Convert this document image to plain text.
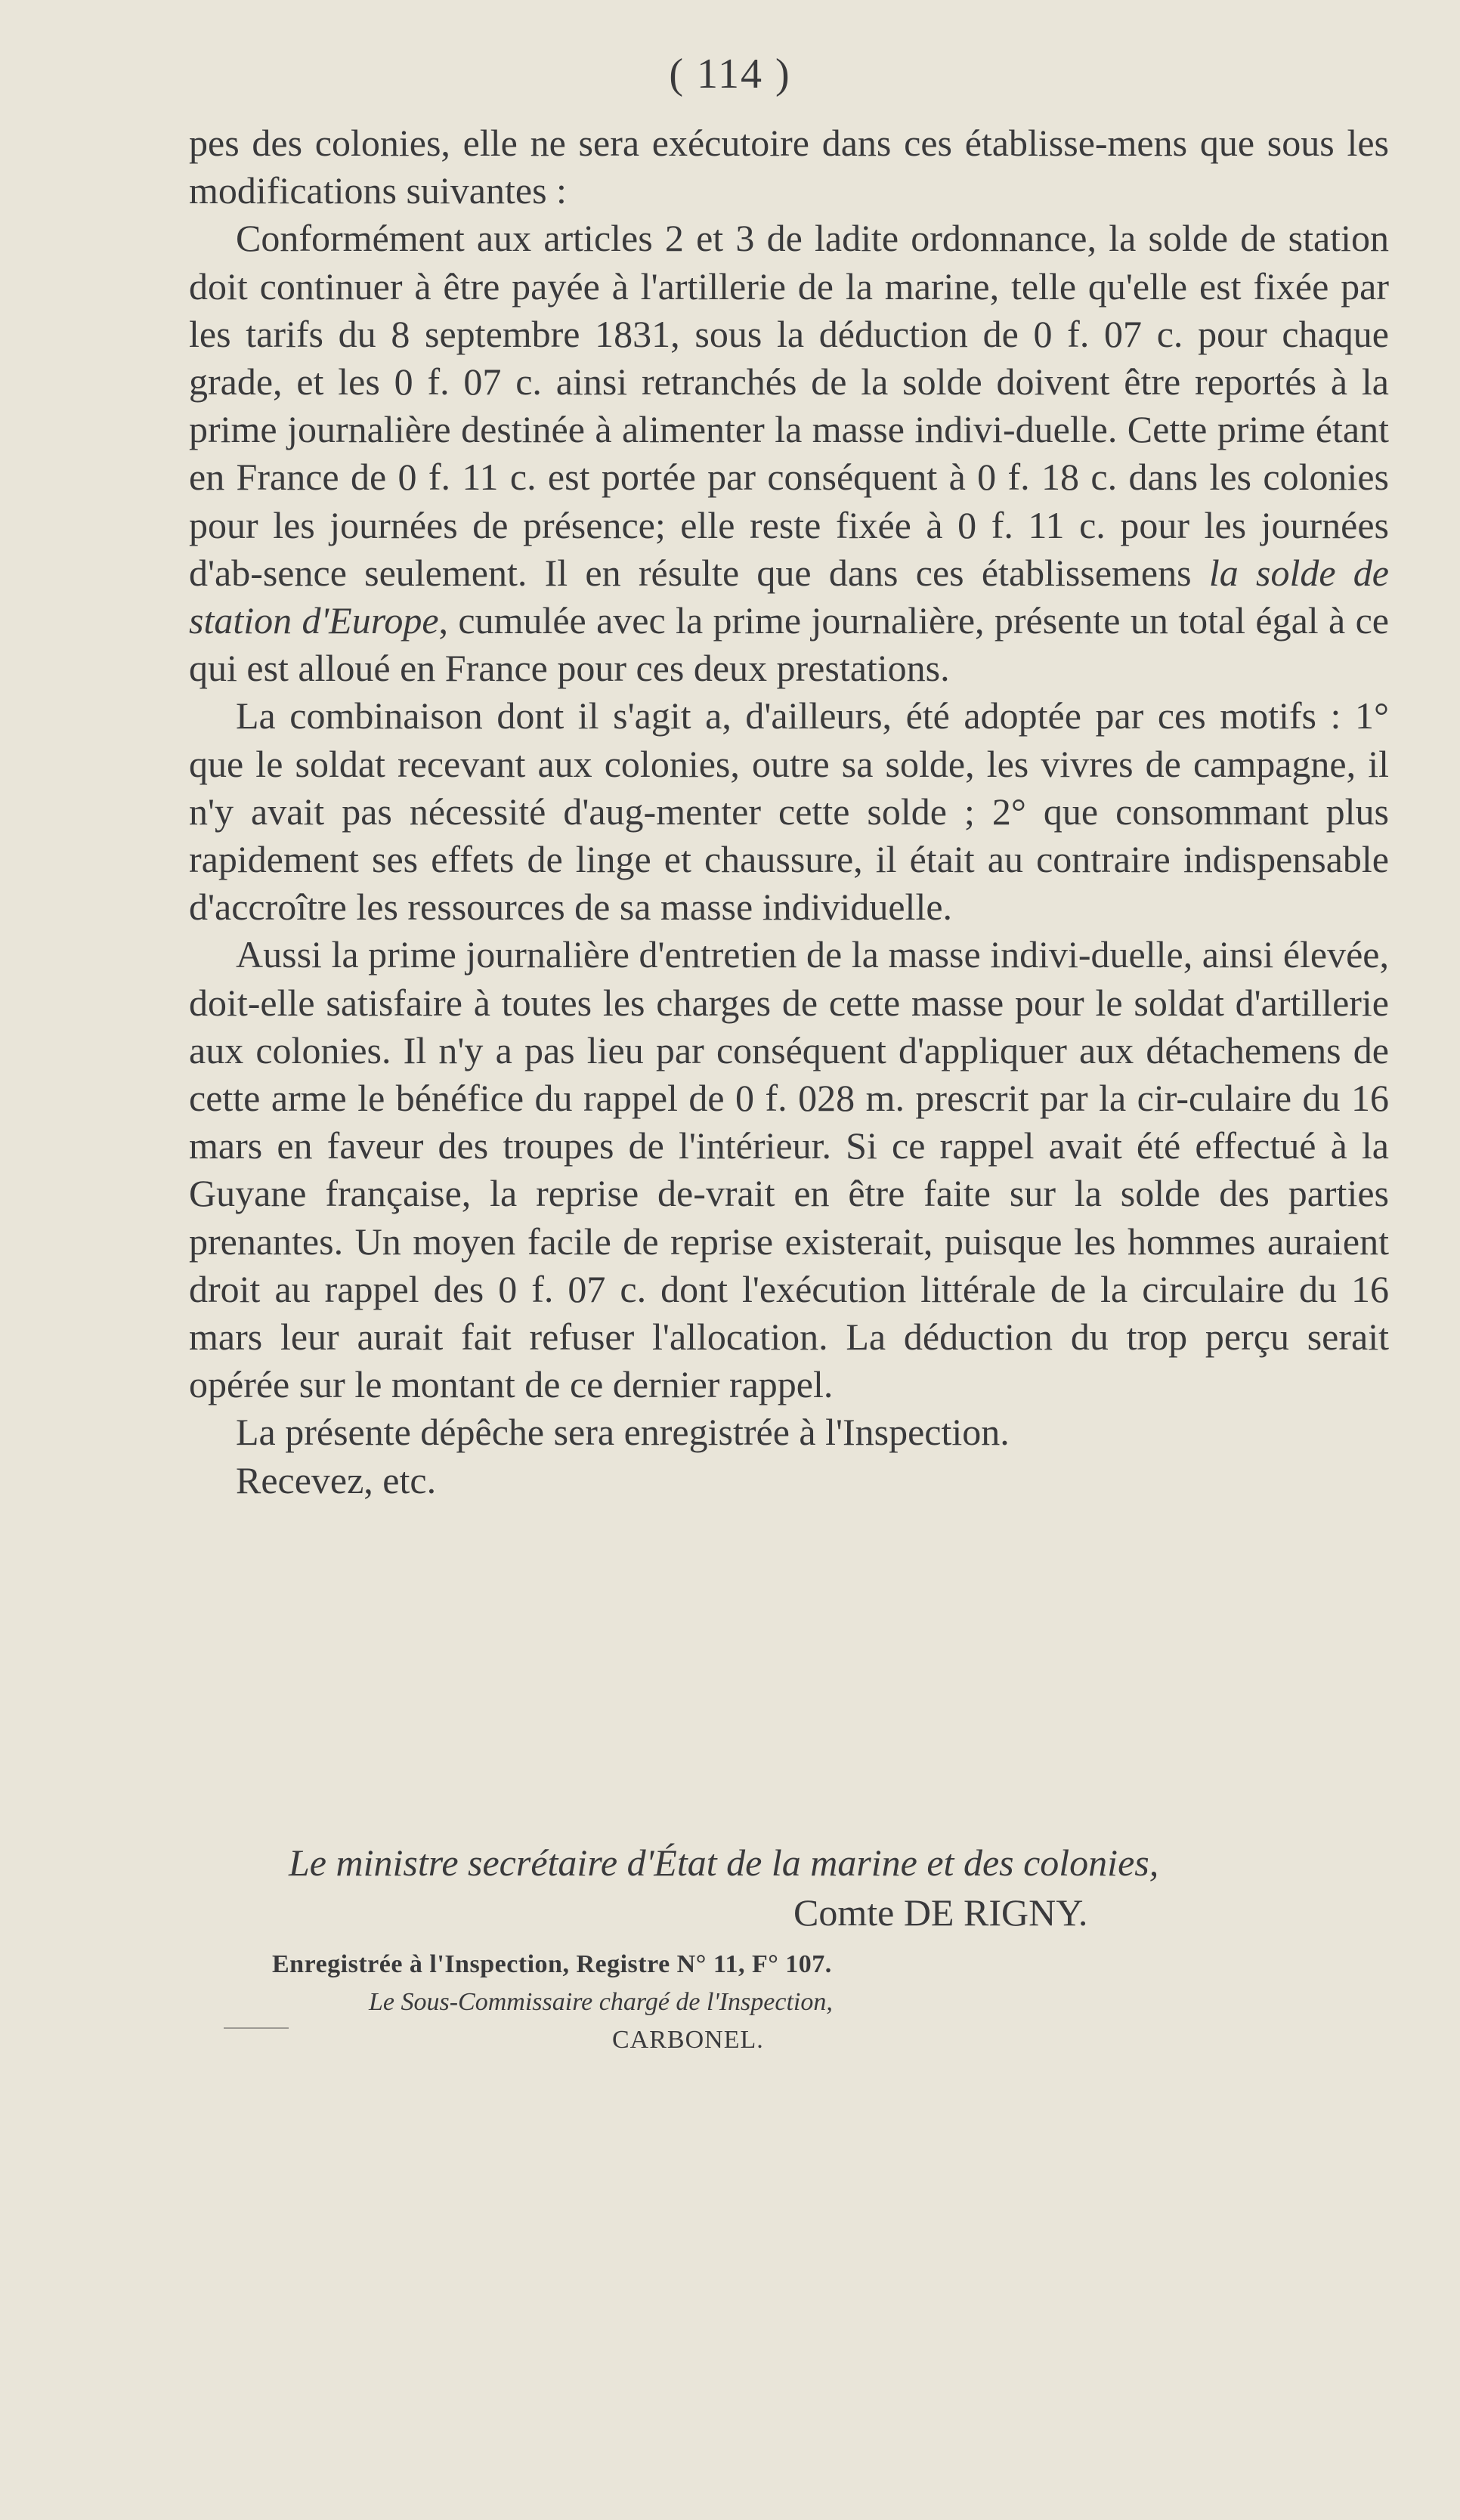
( 114 )

pes des colonies, elle ne sera exécutoire dans ces établisse-mens que sous les modifications suivantes :

Conformément aux articles 2 et 3 de ladite ordonnance, la solde de station doit continuer à être payée à l'artillerie de la marine, telle qu'elle est fixée par les tarifs du 8 septembre 1831, sous la déduction de 0 f. 07 c. pour chaque grade, et les 0 f. 07 c. ainsi retranchés de la solde doivent être reportés à la prime journalière destinée à alimenter la masse indivi-duelle. Cette prime étant en France de 0 f. 11 c. est portée par conséquent à 0 f. 18 c. dans les colonies pour les journées de présence; elle reste fixée à 0 f. 11 c. pour les journées d'ab-sence seulement. Il en résulte que dans ces établissemens la solde de station d'Europe, cumulée avec la prime journalière, présente un total égal à ce qui est alloué en France pour ces deux prestations.

La combinaison dont il s'agit a, d'ailleurs, été adoptée par ces motifs : 1° que le soldat recevant aux colonies, outre sa solde, les vivres de campagne, il n'y avait pas nécessité d'aug-menter cette solde ; 2° que consommant plus rapidement ses effets de linge et chaussure, il était au contraire indispensable d'accroître les ressources de sa masse individuelle.

Aussi la prime journalière d'entretien de la masse indivi-duelle, ainsi élevée, doit-elle satisfaire à toutes les charges de cette masse pour le soldat d'artillerie aux colonies. Il n'y a pas lieu par conséquent d'appliquer aux détachemens de cette arme le bénéfice du rappel de 0 f. 028 m. prescrit par la cir-culaire du 16 mars en faveur des troupes de l'intérieur. Si ce rappel avait été effectué à la Guyane française, la reprise de-vrait en être faite sur la solde des parties prenantes. Un moyen facile de reprise existerait, puisque les hommes auraient droit au rappel des 0 f. 07 c. dont l'exécution littérale de la circulaire du 16 mars leur aurait fait refuser l'allocation. La déduction du trop perçu serait opérée sur le montant de ce dernier rappel.

La présente dépêche sera enregistrée à l'Inspection.

Recevez, etc.

Le ministre secrétaire d'État de la marine et des colonies,

Comte DE RIGNY.

Enregistrée à l'Inspection, Registre N° 11, F° 107.

Le Sous-Commissaire chargé de l'Inspection,

CARBONEL.
